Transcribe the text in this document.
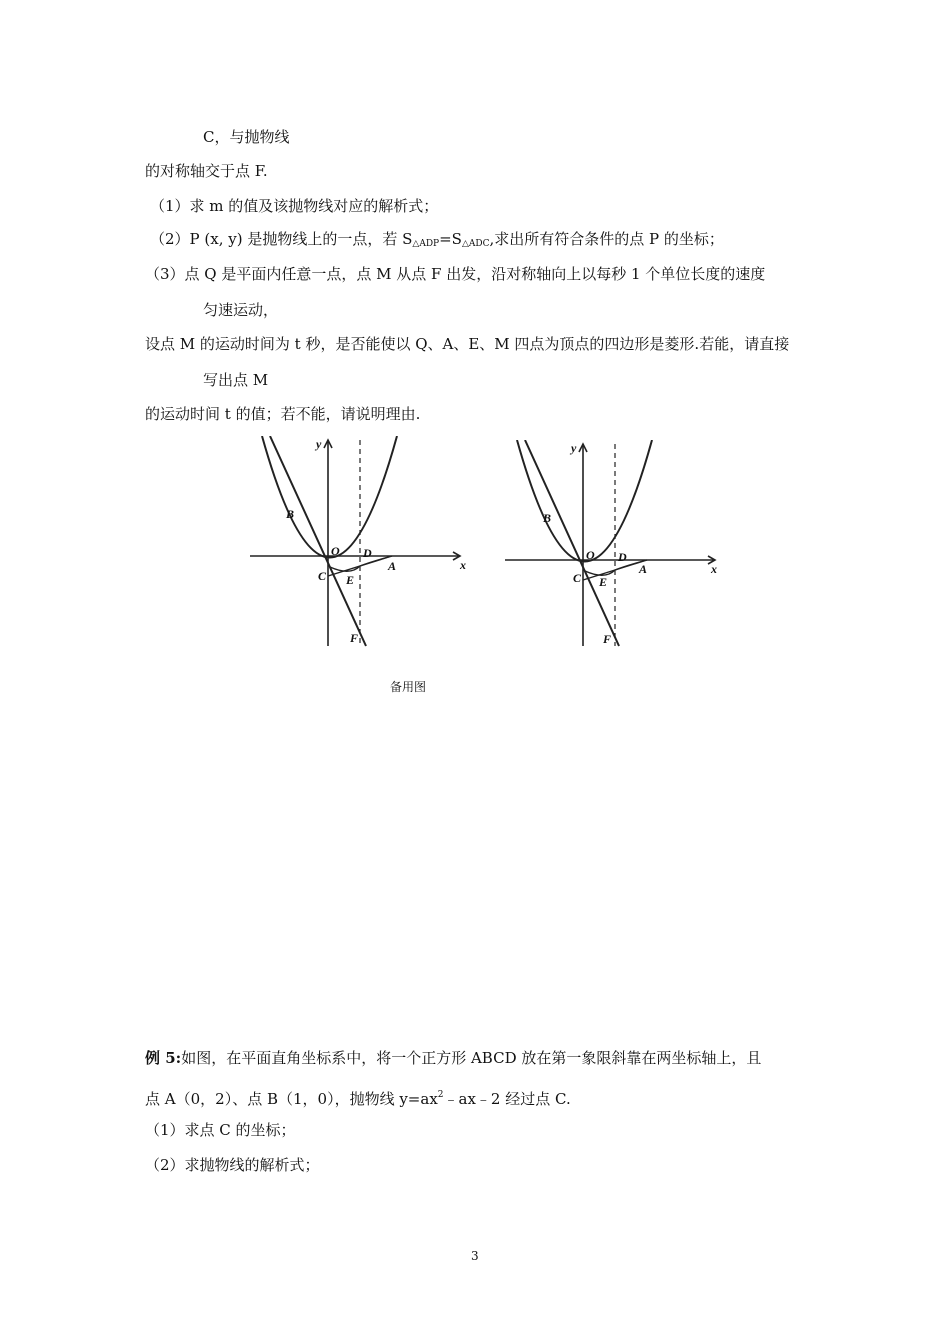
C，与抛物线
的对称轴交于点 F.
（1）求 m 的值及该抛物线对应的解析式；
（2）P (x, y) 是抛物线上的一点，若 $S_{\triangle ADP}=S_{\triangle ADC}$,求出所有符合条件的点 P 的坐标；
（3）点 Q 是平面内任意一点，点 M 从点 F 出发，沿对称轴向上以每秒 1 个单位长度的速度
匀速运动，
设点 M 的运动时间为 t 秒，是否能使以 Q、A、E、M 四点为顶点的四边形是菱形.若能，请直接
写出点 M
的运动时间 t 的值；若不能，请说明理由.
y
x
B
O D
A
C E
F
y
x
B
O D
A
C E
F
备用图
例 5:如图，在平面直角坐标系中，将一个正方形 ABCD 放在第一象限斜靠在两坐标轴上，且
点 A（0，2）、点 B（1，0），抛物线 $y=ax^2﹣ax﹣2$ 经过点 C.
（1）求点 C 的坐标；
（2）求抛物线的解析式；
3
